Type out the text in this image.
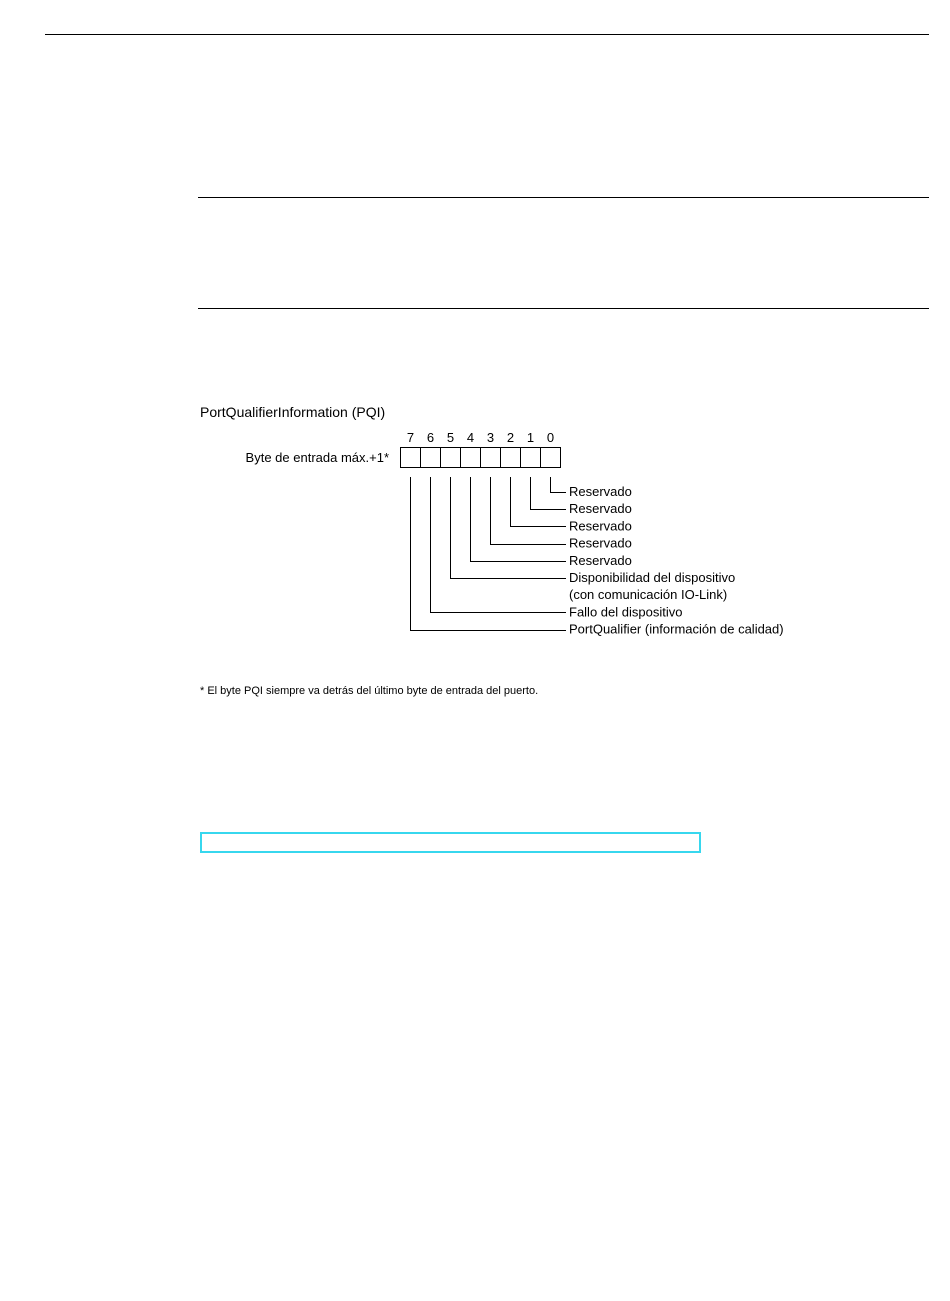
PortQualifierInformation (PQI)
Byte de entrada máx.+1*
7 6 5 4 3 2 1 0
Reservado
Reservado
Reservado
Reservado
Reservado
Disponibilidad del dispositivo
(con comunicación IO-Link)
Fallo del dispositivo
PortQualifier (información de calidad)
* El byte PQI siempre va detrás del último byte de entrada del puerto.
